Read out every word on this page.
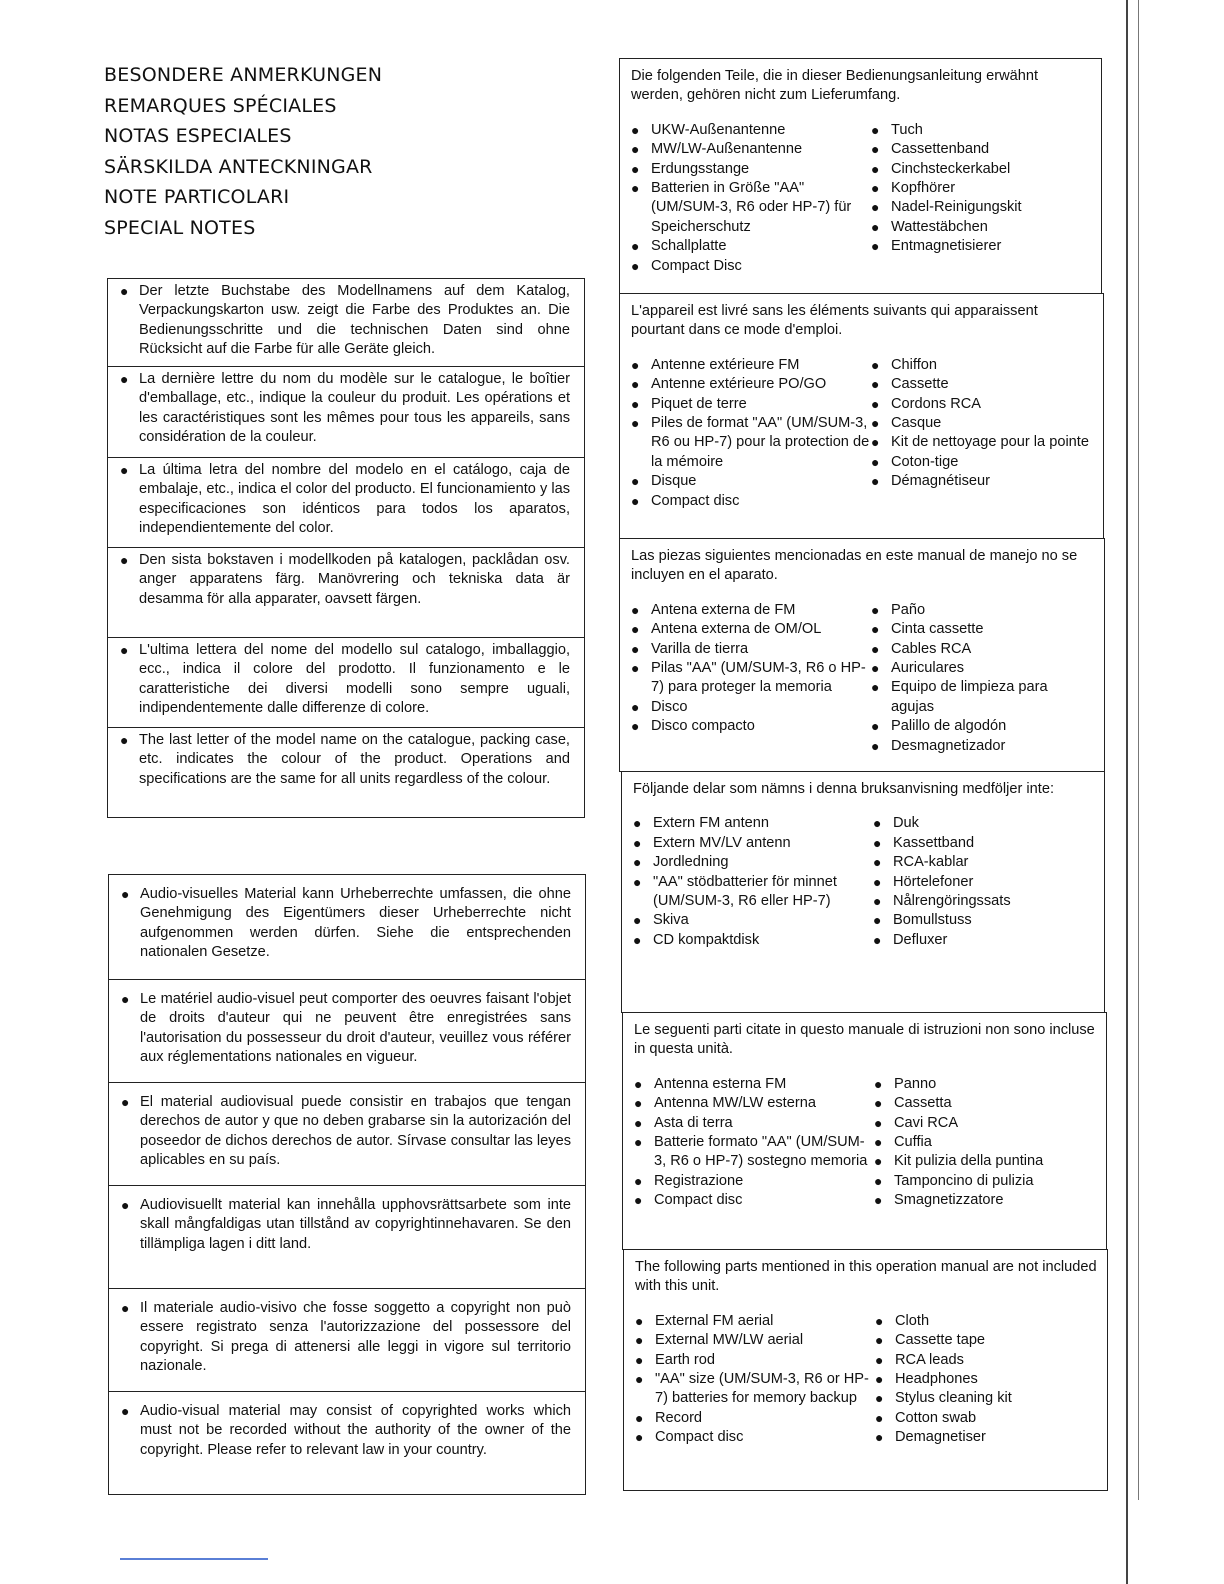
BESONDERE ANMERKUNGEN
REMARQUES SPÉCIALES
NOTAS ESPECIALES
SÄRSKILDA ANTECKNINGAR
NOTE PARTICOLARI
SPECIAL NOTES
● Der letzte Buchstabe des Modellnamens auf dem Katalog, Verpackungskarton usw. zeigt die Farbe des Produktes an. Die Bedienungsschritte und die technischen Daten sind ohne Rücksicht auf die Farbe für alle Geräte gleich.
● La dernière lettre du nom du modèle sur le catalogue, le boîtier d'emballage, etc., indique la couleur du produit. Les opérations et les caractéristiques sont les mêmes pour tous les appareils, sans considération de la couleur.
● La última letra del nombre del modelo en el catálogo, caja de embalaje, etc., indica el color del producto. El funcionamiento y las especificaciones son idénticos para todos los aparatos, independientemente del color.
● Den sista bokstaven i modellkoden på katalogen, packlådan osv. anger apparatens färg. Manövrering och tekniska data är desamma för alla apparater, oavsett färgen.
● L'ultima lettera del nome del modello sul catalogo, imballaggio, ecc., indica il colore del prodotto. Il funzionamento e le caratteristiche dei diversi modelli sono sempre uguali, indipendentemente dalle differenze di colore.
● The last letter of the model name on the catalogue, packing case, etc. indicates the colour of the product. Operations and specifications are the same for all units regardless of the colour.
● Audio-visuelles Material kann Urheberrechte umfassen, die ohne Genehmigung des Eigentümers dieser Urheberrechte nicht aufgenommen werden dürfen. Siehe die entsprechenden nationalen Gesetze.
● Le matériel audio-visuel peut comporter des oeuvres faisant l'objet de droits d'auteur qui ne peuvent être enregistrées sans l'autorisation du possesseur du droit d'auteur, veuillez vous référer aux réglementations nationales en vigueur.
● El material audiovisual puede consistir en trabajos que tengan derechos de autor y que no deben grabarse sin la autorización del poseedor de dichos derechos de autor. Sírvase consultar las leyes aplicables en su país.
● Audiovisuellt material kan innehålla upphovsrättsarbete som inte skall mångfaldigas utan tillstånd av copyrightinnehavaren. Se den tillämpliga lagen i ditt land.
● Il materiale audio-visivo che fosse soggetto a copyright non può essere registrato senza l'autorizzazione del possessore del copyright. Si prega di attenersi alle leggi in vigore sul territorio nazionale.
● Audio-visual material may consist of copyrighted works which must not be recorded without the authority of the owner of the copyright. Please refer to relevant law in your country.
Die folgenden Teile, die in dieser Bedienungsanleitung erwähnt werden, gehören nicht zum Lieferumfang.
● UKW-Außenantenne
● MW/LW-Außenantenne
● Erdungsstange
● Batterien in Größe "AA" (UM/SUM-3, R6 oder HP-7) für Speicherschutz
● Schallplatte
● Compact Disc
● Tuch
● Cassettenband
● Cinchsteckerkabel
● Kopfhörer
● Nadel-Reinigungskit
● Wattestäbchen
● Entmagnetisierer
L'appareil est livré sans les éléments suivants qui apparaissent pourtant dans ce mode d'emploi.
● Antenne extérieure FM
● Antenne extérieure PO/GO
● Piquet de terre
● Piles de format "AA" (UM/SUM-3, R6 ou HP-7) pour la protection de la mémoire
● Disque
● Compact disc
● Chiffon
● Cassette
● Cordons RCA
● Casque
● Kit de nettoyage pour la pointe
● Coton-tige
● Démagnétiseur
Las piezas siguientes mencionadas en este manual de manejo no se incluyen en el aparato.
● Antena externa de FM
● Antena externa de OM/OL
● Varilla de tierra
● Pilas "AA" (UM/SUM-3, R6 o HP-7) para proteger la memoria
● Disco
● Disco compacto
● Paño
● Cinta cassette
● Cables RCA
● Auriculares
● Equipo de limpieza para agujas
● Palillo de algodón
● Desmagnetizador
Följande delar som nämns i denna bruksanvisning medföljer inte:
● Extern FM antenn
● Extern MV/LV antenn
● Jordledning
● "AA" stödbatterier för minnet (UM/SUM-3, R6 eller HP-7)
● Skiva
● CD kompaktdisk
● Duk
● Kassettband
● RCA-kablar
● Hörtelefoner
● Nålrengöringssats
● Bomullstuss
● Defluxer
Le seguenti parti citate in questo manuale di istruzioni non sono incluse in questa unità.
● Antenna esterna FM
● Antenna MW/LW esterna
● Asta di terra
● Batterie formato "AA" (UM/SUM-3, R6 o HP-7) sostegno memoria
● Registrazione
● Compact disc
● Panno
● Cassetta
● Cavi RCA
● Cuffia
● Kit pulizia della puntina
● Tamponcino di pulizia
● Smagnetizzatore
The following parts mentioned in this operation manual are not included with this unit.
● External FM aerial
● External MW/LW aerial
● Earth rod
● "AA" size (UM/SUM-3, R6 or HP-7) batteries for memory backup
● Record
● Compact disc
● Cloth
● Cassette tape
● RCA leads
● Headphones
● Stylus cleaning kit
● Cotton swab
● Demagnetiser
